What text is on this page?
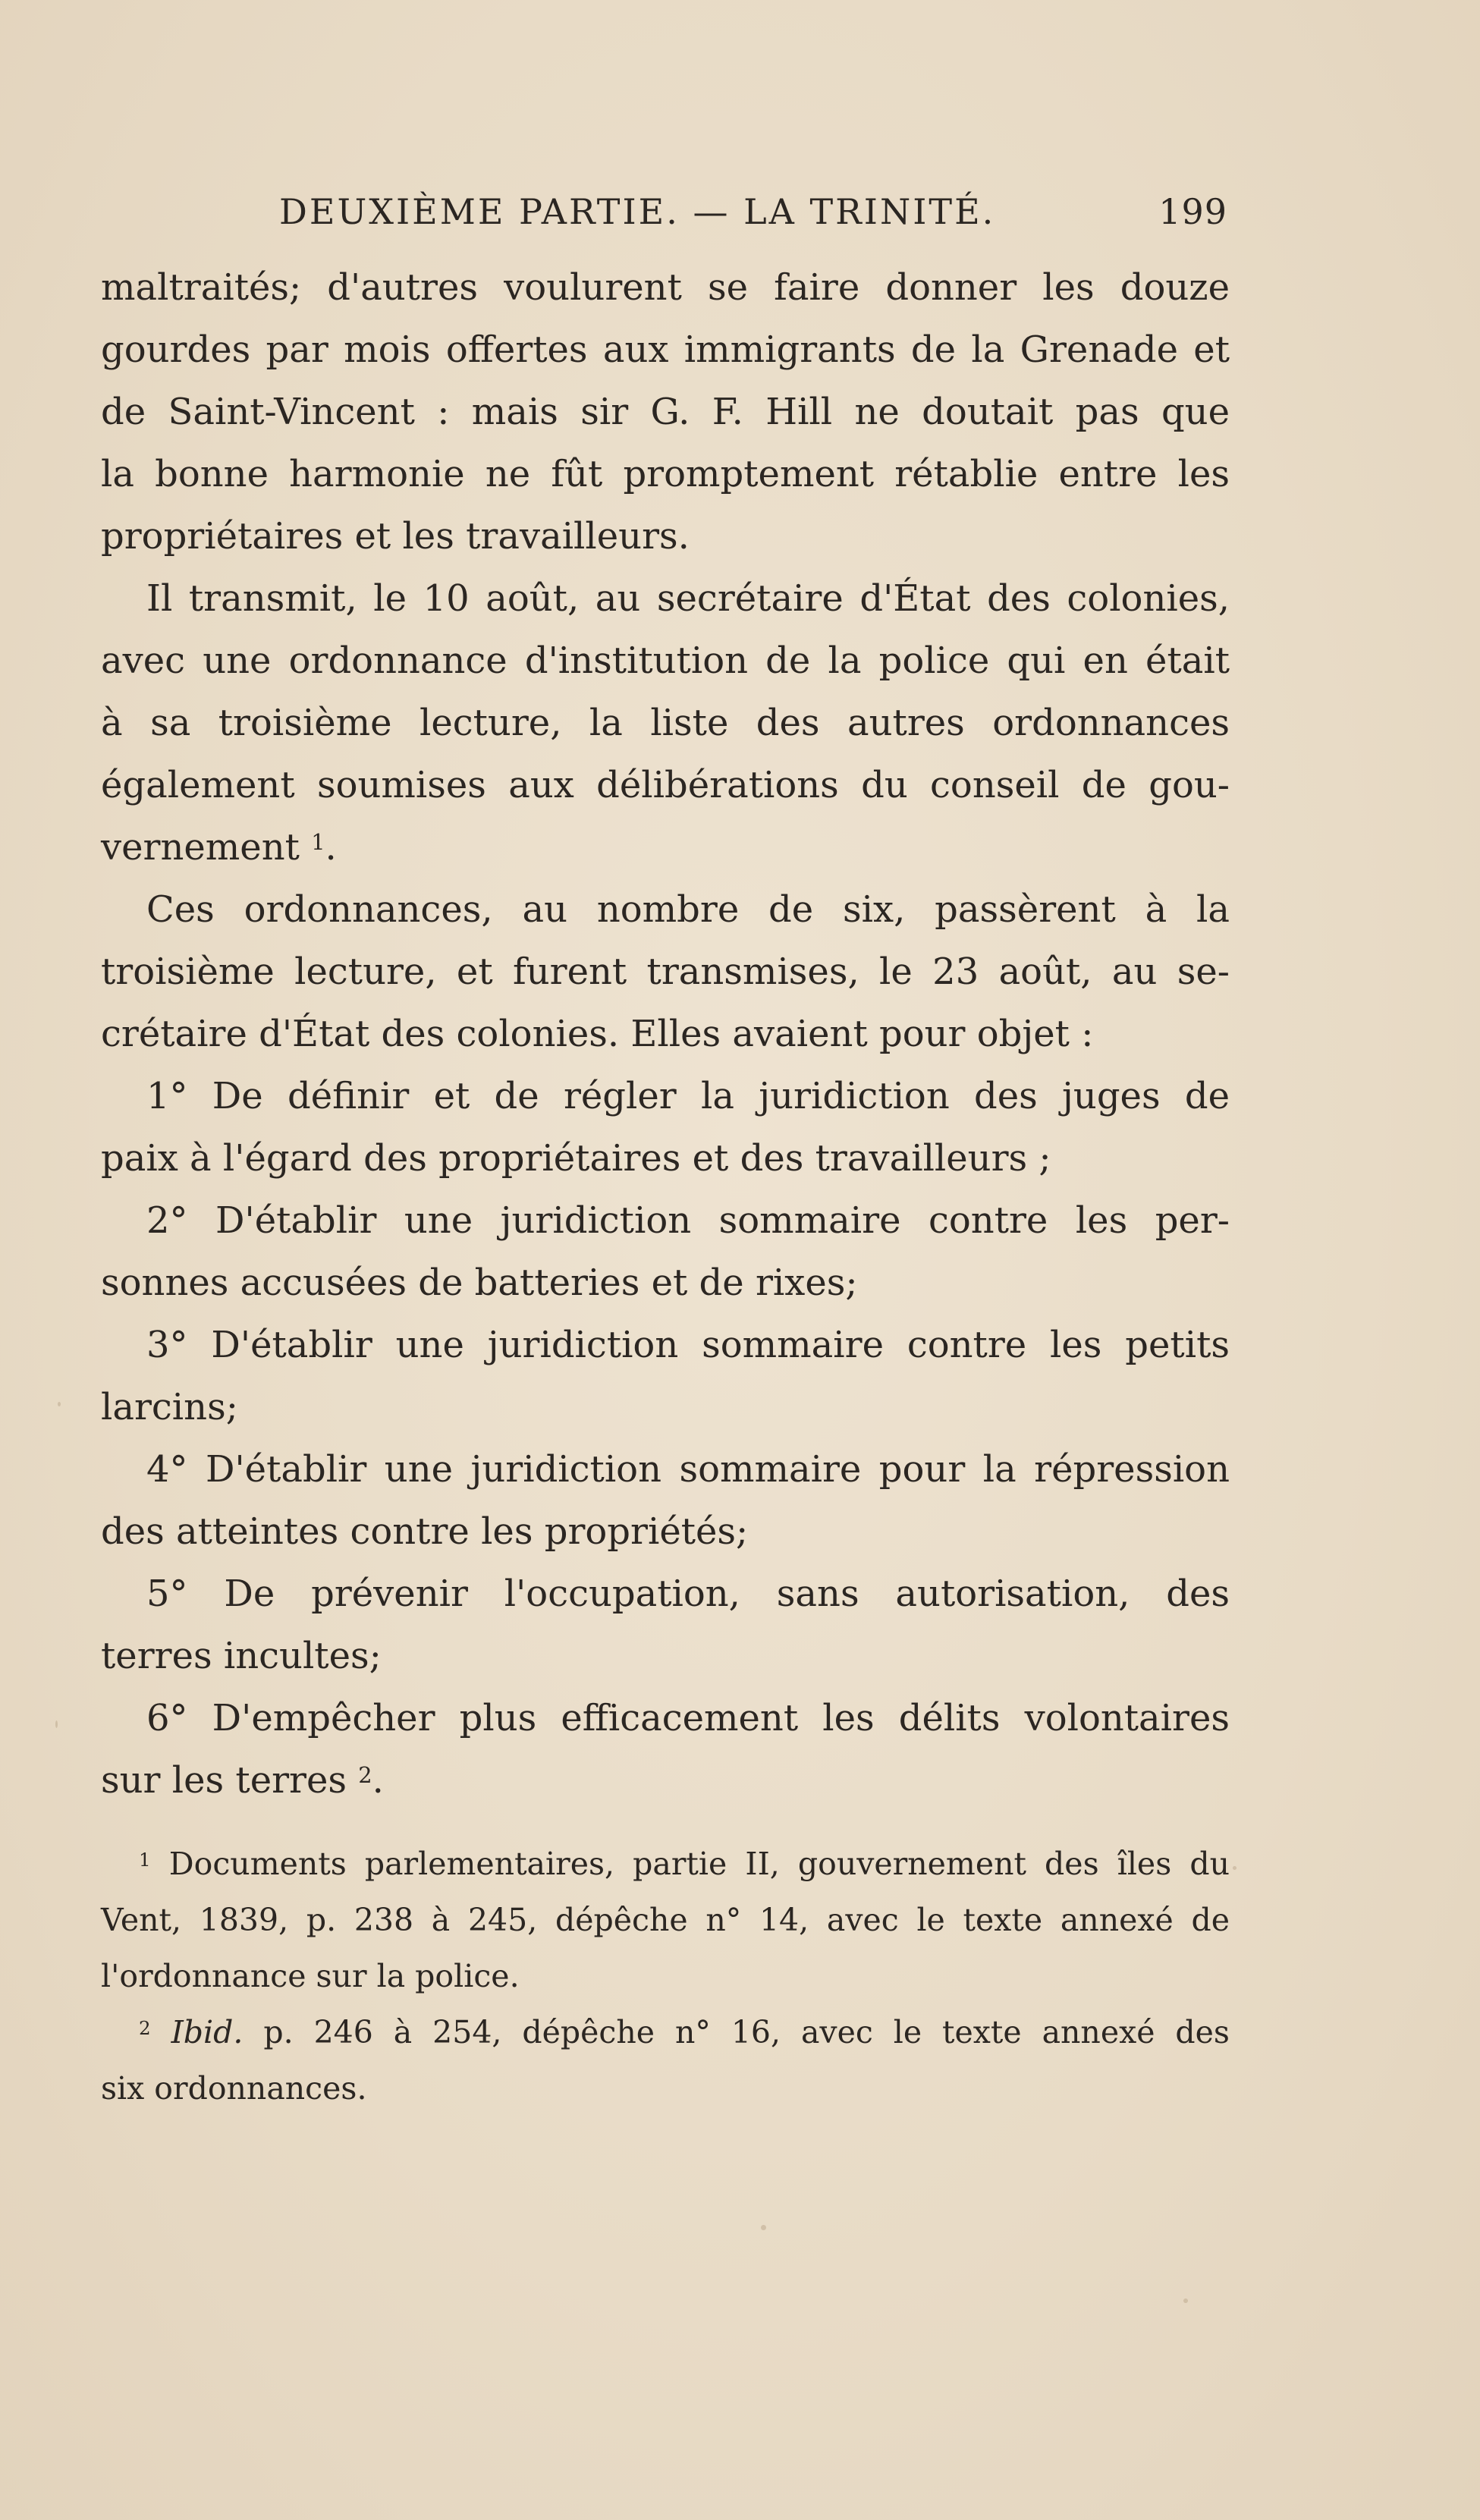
DEUXIÈME PARTIE. — LA TRINITÉ.	199
maltraités; d'autres voulurent se faire donner les douze
gourdes par mois offertes aux immigrants de la Grenade et
de Saint-Vincent : mais sir G. F. Hill ne doutait pas que
la bonne harmonie ne fût promptement rétablie entre les
propriétaires et les travailleurs.
Il transmit, le 10 août, au secrétaire d'État des colonies,
avec une ordonnance d'institution de la police qui en était
à sa troisième lecture, la liste des autres ordonnances
également soumises aux délibérations du conseil de gou-
vernement $^1$.
Ces ordonnances, au nombre de six, passèrent à la
troisième lecture, et furent transmises, le 23 août, au se-
crétaire d'État des colonies. Elles avaient pour objet :
1° De définir et de régler la juridiction des juges de
paix à l'égard des propriétaires et des travailleurs ;
2° D'établir une juridiction sommaire contre les per-
sonnes accusées de batteries et de rixes;
3° D'établir une juridiction sommaire contre les petits
larcins;
4° D'établir une juridiction sommaire pour la répression
des atteintes contre les propriétés;
5° De prévenir l'occupation, sans autorisation, des
terres incultes;
6° D'empêcher plus efficacement les délits volontaires
sur les terres $^2$.
$^1$ Documents parlementaires, partie II, gouvernement des îles du
Vent, 1839, p. 238 à 245, dépêche n° 14, avec le texte annexé de
l'ordonnance sur la police.
$^2$ Ibid. p. 246 à 254, dépêche n° 16, avec le texte annexé des
six ordonnances.
